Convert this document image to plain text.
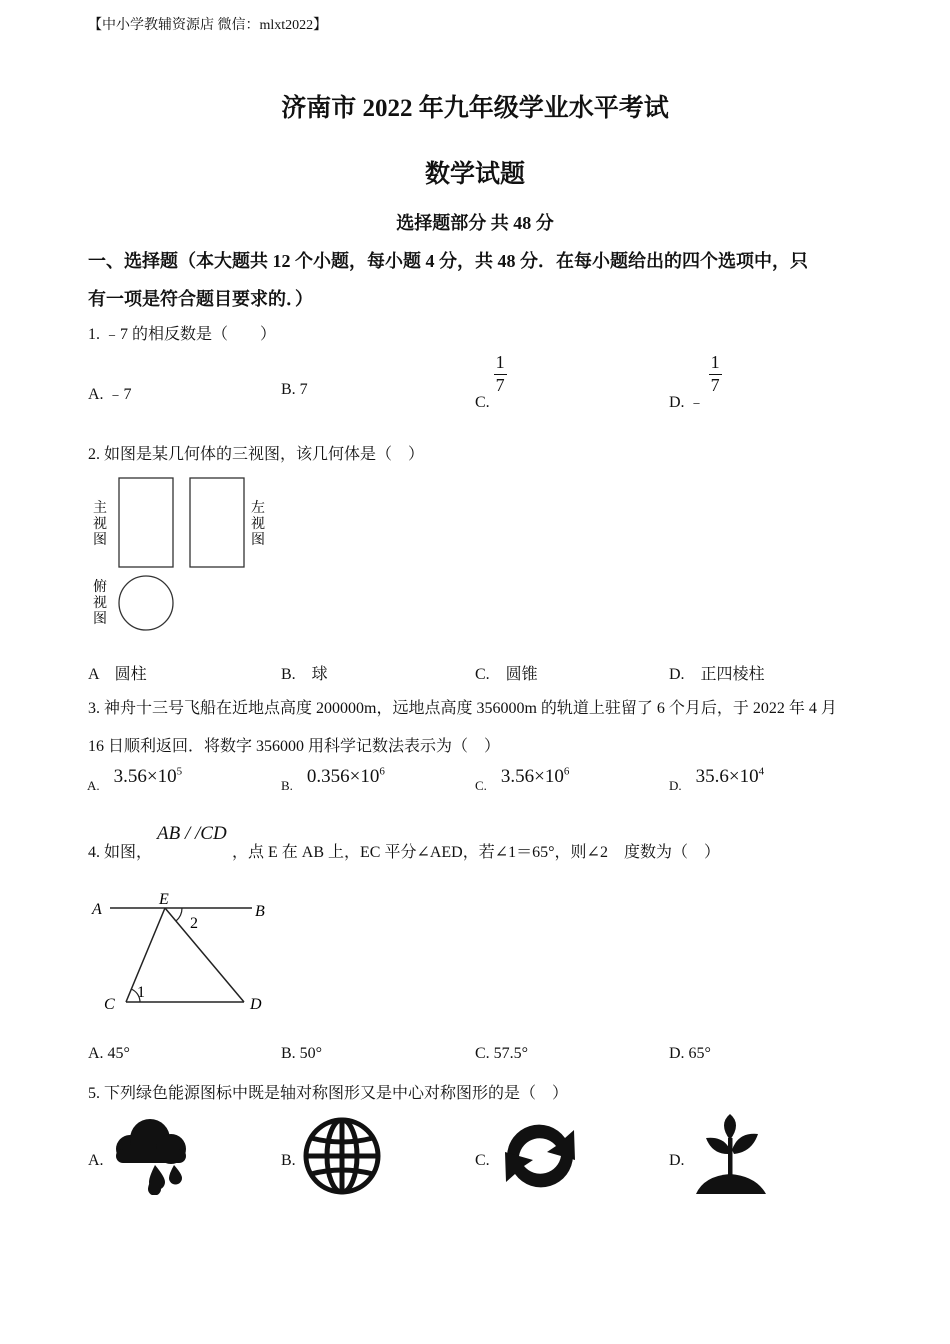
【中小学教辅资源店 微信：mlxt2022】
济南市 2022 年九年级学业水平考试
数学试题
选择题部分 共 48 分
一、选择题（本大题共 12 个小题，每小题 4 分，共 48 分．在每小题给出的四个选项中，只
有一项是符合题目要求的．）
1. ﹣7 的相反数是（　　）
A. ﹣7	B. 7
C.
$\frac{1}{7}$
D. ﹣
$\frac{1}{7}$
2. 如图是某几何体的三视图，该几何体是（　）
主
视
图
左
视
图
俯
视
图
A　圆柱	B.　球	C.　圆锥	D.　正四棱柱
3. 神舟十三号飞船在近地点高度 200000m，远地点高度 356000m 的轨道上驻留了 6 个月后，于 2022 年 4 月
16 日顺利返回．将数字 356000 用科学记数法表示为（　）
$_{A.}$ $3.56\times 10^5$
$_{B.}$ $0.356\times 10^6$
$_{C.}$ $3.56\times 10^6$
$_{D.}$ $35.6\times 10^4$
4. 如图，
AB / /CD
，点 E 在 AB 上，EC 平分∠AED，若∠1＝65°，则∠2　度数为（　）
A
E
B
C	D
1
2
A. 45°	B. 50°	C. 57.5°	D. 65°
5. 下列绿色能源图标中既是轴对称图形又是中心对称图形的是（　）
A.	B.	C.	D.
